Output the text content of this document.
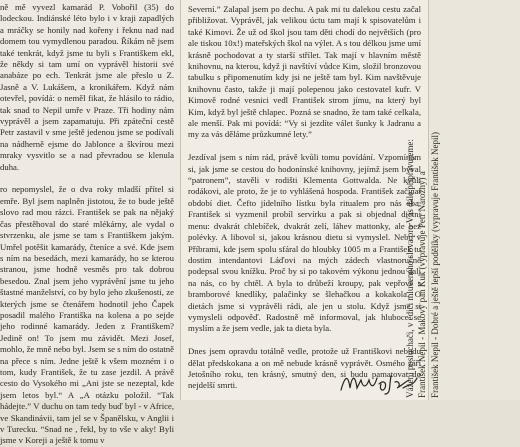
ně mě vyvezl kamarád P. Vobořil (35) do lodeckou. Indiánské léto bylo i v kraji zapadlých a mráčky se honily nad kořeny i řeknu nad nad domem tou vymydlenou paradou. Říkám ně jsem také tenkrát, když jsme tu byli s Františkem ekl, že někdy si tam umí on vyprávěl historii své anabáze po ech. Tenkrát jsme ale přeslo u Z. Jasně a V. Lukášem, a kronikářem. Když nám otevřel, povídá: o neměl fikat, že hlásilo to rádio, tak snad to Nepil umře v Praze. Tři hodiny nám vyprávěl a jsem zapamatuju. Při zpáteční cestě Petr zastavil v sme ještě jedenou jsme se podívali na nádherně ejsme do Jablonce a škvírou mezi mraky vysvitlo se a nad převradou se klenula duha.

ro nepomyslel, že o dva roky mladší přítel si emře. Byl jsem naplněn jistotou, že to bude ještě slovo rad mou rázci. František se pak na nějaký čas přestěhoval do staré mlékárny, ale vydal o stvrzenku, ale jsme se tam s Františkem jakým. Umřel potěšit kamarády, čteníce a své. Kde jsem s ním na besedách, mezi kamarády, ho se kterou stranou, jsme hodně vesměs pro tak dobrou besedou. Znal jsem jeho vyprávění jsme tu jeho štastné manželství, co by bylo jeho zkušenosti, ze kterých jsme se čtenářem hodnotil jeho Čapek posadil malého Františka na kolena a po sejde jeho rodinné kamarády. Jeden z Františkem? Jedině on! To jsem mu závidět. Mezi Josef, mohlo, že mně nebo byl. Jsem se s ním do ostatně na přece s ním. Jedne ještě k všem mozném i o tom, kudy František, že tu zase jezdil. A právě cesto do Vysokého mi „Ani jste se nezeptal, kde jsem letos byl.“ A „A otázku položil. “Tak hádejte.” V duchu on tam tedy buď byl - v Africe, ve Skandinávii, tam jel se v Španělsku, v Anglii i v Turecku. “Snad ne , řekl, by to vše v aky! Byli jsme v Koreji a ještě k tomu v

Severní.” Zalapal jsem po dechu. A pak mi tu dalekou cestu začal přibližovat. Vyprávěl, jak velikou úctu tam mají k spisovatelům i také Kimovi. Že už od škol jsou tam děti chodí do největších (pro ale tiskou 10x!) mateřských škol na výlet. A s tou délkou jsme umí krásně pochodovat a ty starší střílet. Tak mají v hlavním městě knihovnu, na kterou, když ji navštíví vůdce Kim, složil bronzovou tabulku s připomenutím kdy jsi ne ještě tam byl. Kim navštěvuje knihovnu často, takže ji mají polepenou jako cestovatel kufr. V Kimově rodné vesnici vedl František strom jímu, na který byl Kim, když byl ještě chlapec. Pozná se snadno, že tam také celkala, ale menší. Pak mi povídá: “Vy si jezdíte válet šunky k Jadranu a my za vás děláme průzkumné lety.”

Jezdíval jsem s ním rád, právě kvůli tomu povídání. Vzpomínám si, jak jsme se cestou do hodonínské knihovny, jejímž jsem býval “patronem”, stavěli v rodišti Klementa Gottwalda. Ne kvůli rodákovi, ale proto, že je to vyhlášená hospoda. František začínal období diet. Čefto jídelního lístku byla ritualem pro nás oba. František si vyzmenil probíl servírku a pak si objednal dietní menu: dvakrát chlebíček, dvakrát zelí, láhev mattonky, ale bez polévky. A libovol si, jakou krásnou dietu si vymyslel. Nebo v Příbrami, kde jsem spolu sfáral do hloubky 1005 m a František tu dostim intendantovi Láďovi na mých zádech vlastnoručně podepsal svou knížku. Proč by si po takovém výkonu jednou dali na nás, co by chtěl. A byla to drůbeží kroupy, pak vepřové s bramborové knedlíky, palačinky se šlehačkou a kokakola. O dietách jsme si vyprávěli rádi, ale jen u stolu. Když jsme si vymysleli odpověď. Radostně mě informoval, jak hluboce se myslím a že jsem vedle, jak ta dieta byla.

Dnes jsem opravdu totálně vedle, protože už Františkovi nebudu dělat předskokana a on mě nebude krásně vyprávět. Osmého září Jetošního roku, ten krásný, smutný den, si budu pamatovat do nejdelší smrti.	Vážení posluchači, v edici mluveného slova pro Vás dále připravujeme: František Nepil - Makový pan Kuk (vypravuje Petr Nárožný) a František Nepil - Dobré a ještě lepší podělíky (vypravuje František Nepil)
